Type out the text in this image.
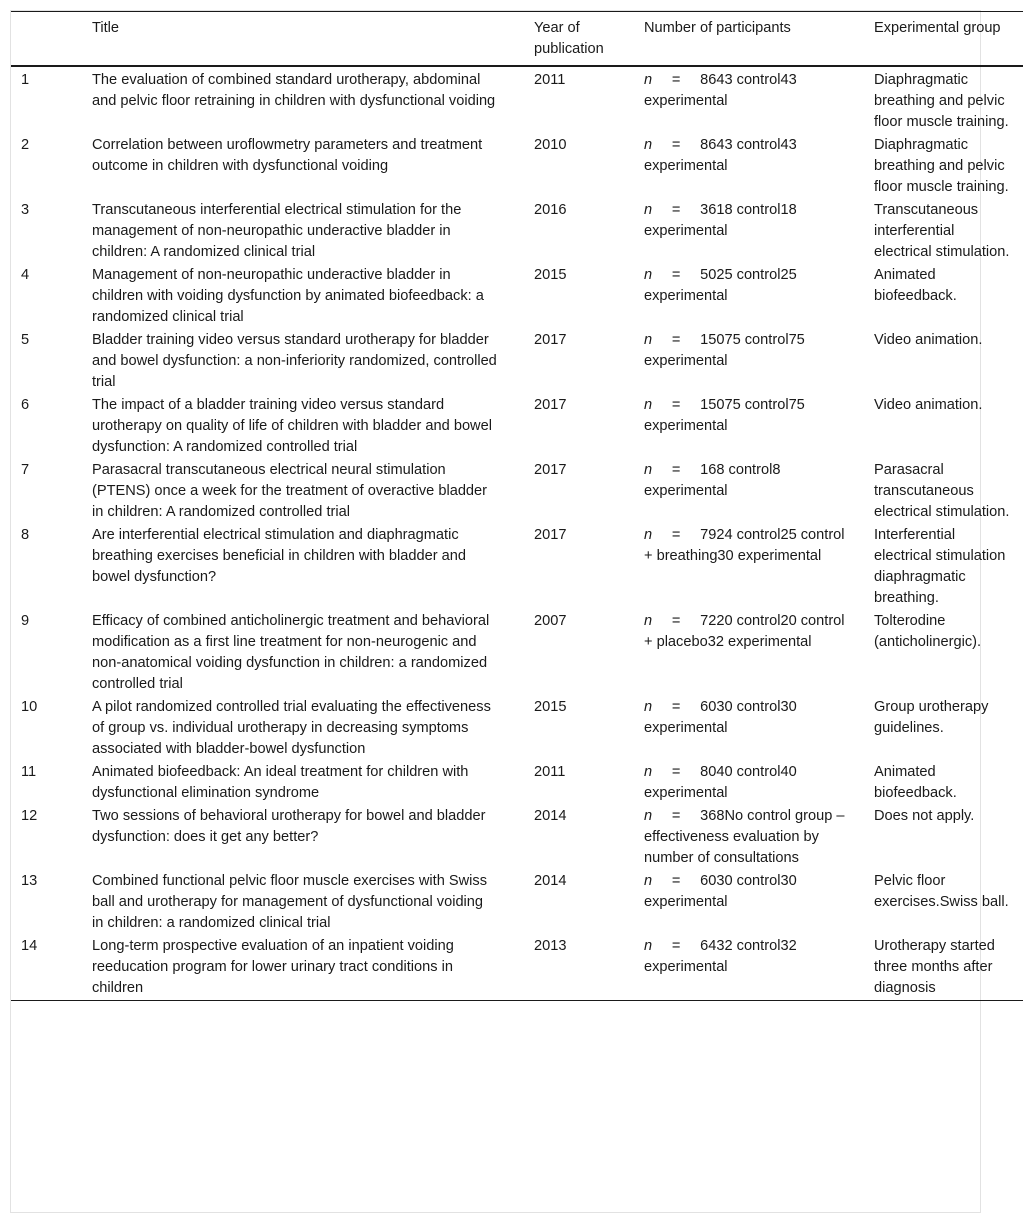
	Title	Year of publication	Number of participants	Experimental group
1	The evaluation of combined standard urotherapy, abdominal and pelvic floor retraining in children with dysfunctional voiding	2011	n = 8643 control43 experimental	Diaphragmatic breathing and pelvic floor muscle training.
2	Correlation between uroflowmetry parameters and treatment outcome in children with dysfunctional voiding	2010	n = 8643 control43 experimental	Diaphragmatic breathing and pelvic floor muscle training.
3	Transcutaneous interferential electrical stimulation for the management of non-neuropathic underactive bladder in children: A randomized clinical trial	2016	n = 3618 control18 experimental	Transcutaneous interferential electrical stimulation.
4	Management of non-neuropathic underactive bladder in children with voiding dysfunction by animated biofeedback: a randomized clinical trial	2015	n = 5025 control25 experimental	Animated biofeedback.
5	Bladder training video versus standard urotherapy for bladder and bowel dysfunction: a non-inferiority randomized, controlled trial	2017	n = 15075 control75 experimental	Video animation.
6	The impact of a bladder training video versus standard urotherapy on quality of life of children with bladder and bowel dysfunction: A randomized controlled trial	2017	n = 15075 control75 experimental	Video animation.
7	Parasacral transcutaneous electrical neural stimulation (PTENS) once a week for the treatment of overactive bladder in children: A randomized controlled trial	2017	n = 168 control8 experimental	Parasacral transcutaneous electrical stimulation.
8	Are interferential electrical stimulation and diaphragmatic breathing exercises beneficial in children with bladder and bowel dysfunction?	2017	n = 7924 control25 control + breathing30 experimental	Interferential electrical stimulation diaphragmatic breathing.
9	Efficacy of combined anticholinergic treatment and behavioral modification as a first line treatment for non-neurogenic and non-anatomical voiding dysfunction in children: a randomized controlled trial	2007	n = 7220 control20 control + placebo32 experimental	Tolterodine (anticholinergic).
10	A pilot randomized controlled trial evaluating the effectiveness of group vs. individual urotherapy in decreasing symptoms associated with bladder-bowel dysfunction	2015	n = 6030 control30 experimental	Group urotherapy guidelines.
11	Animated biofeedback: An ideal treatment for children with dysfunctional elimination syndrome	2011	n = 8040 control40 experimental	Animated biofeedback.
12	Two sessions of behavioral urotherapy for bowel and bladder dysfunction: does it get any better?	2014	n = 368No control group – effectiveness evaluation by number of consultations	Does not apply.
13	Combined functional pelvic floor muscle exercises with Swiss ball and urotherapy for management of dysfunctional voiding in children: a randomized clinical trial	2014	n = 6030 control30 experimental	Pelvic floor exercises.Swiss ball.
14	Long-term prospective evaluation of an inpatient voiding reeducation program for lower urinary tract conditions in children	2013	n = 6432 control32 experimental	Urotherapy started three months after diagnosis
